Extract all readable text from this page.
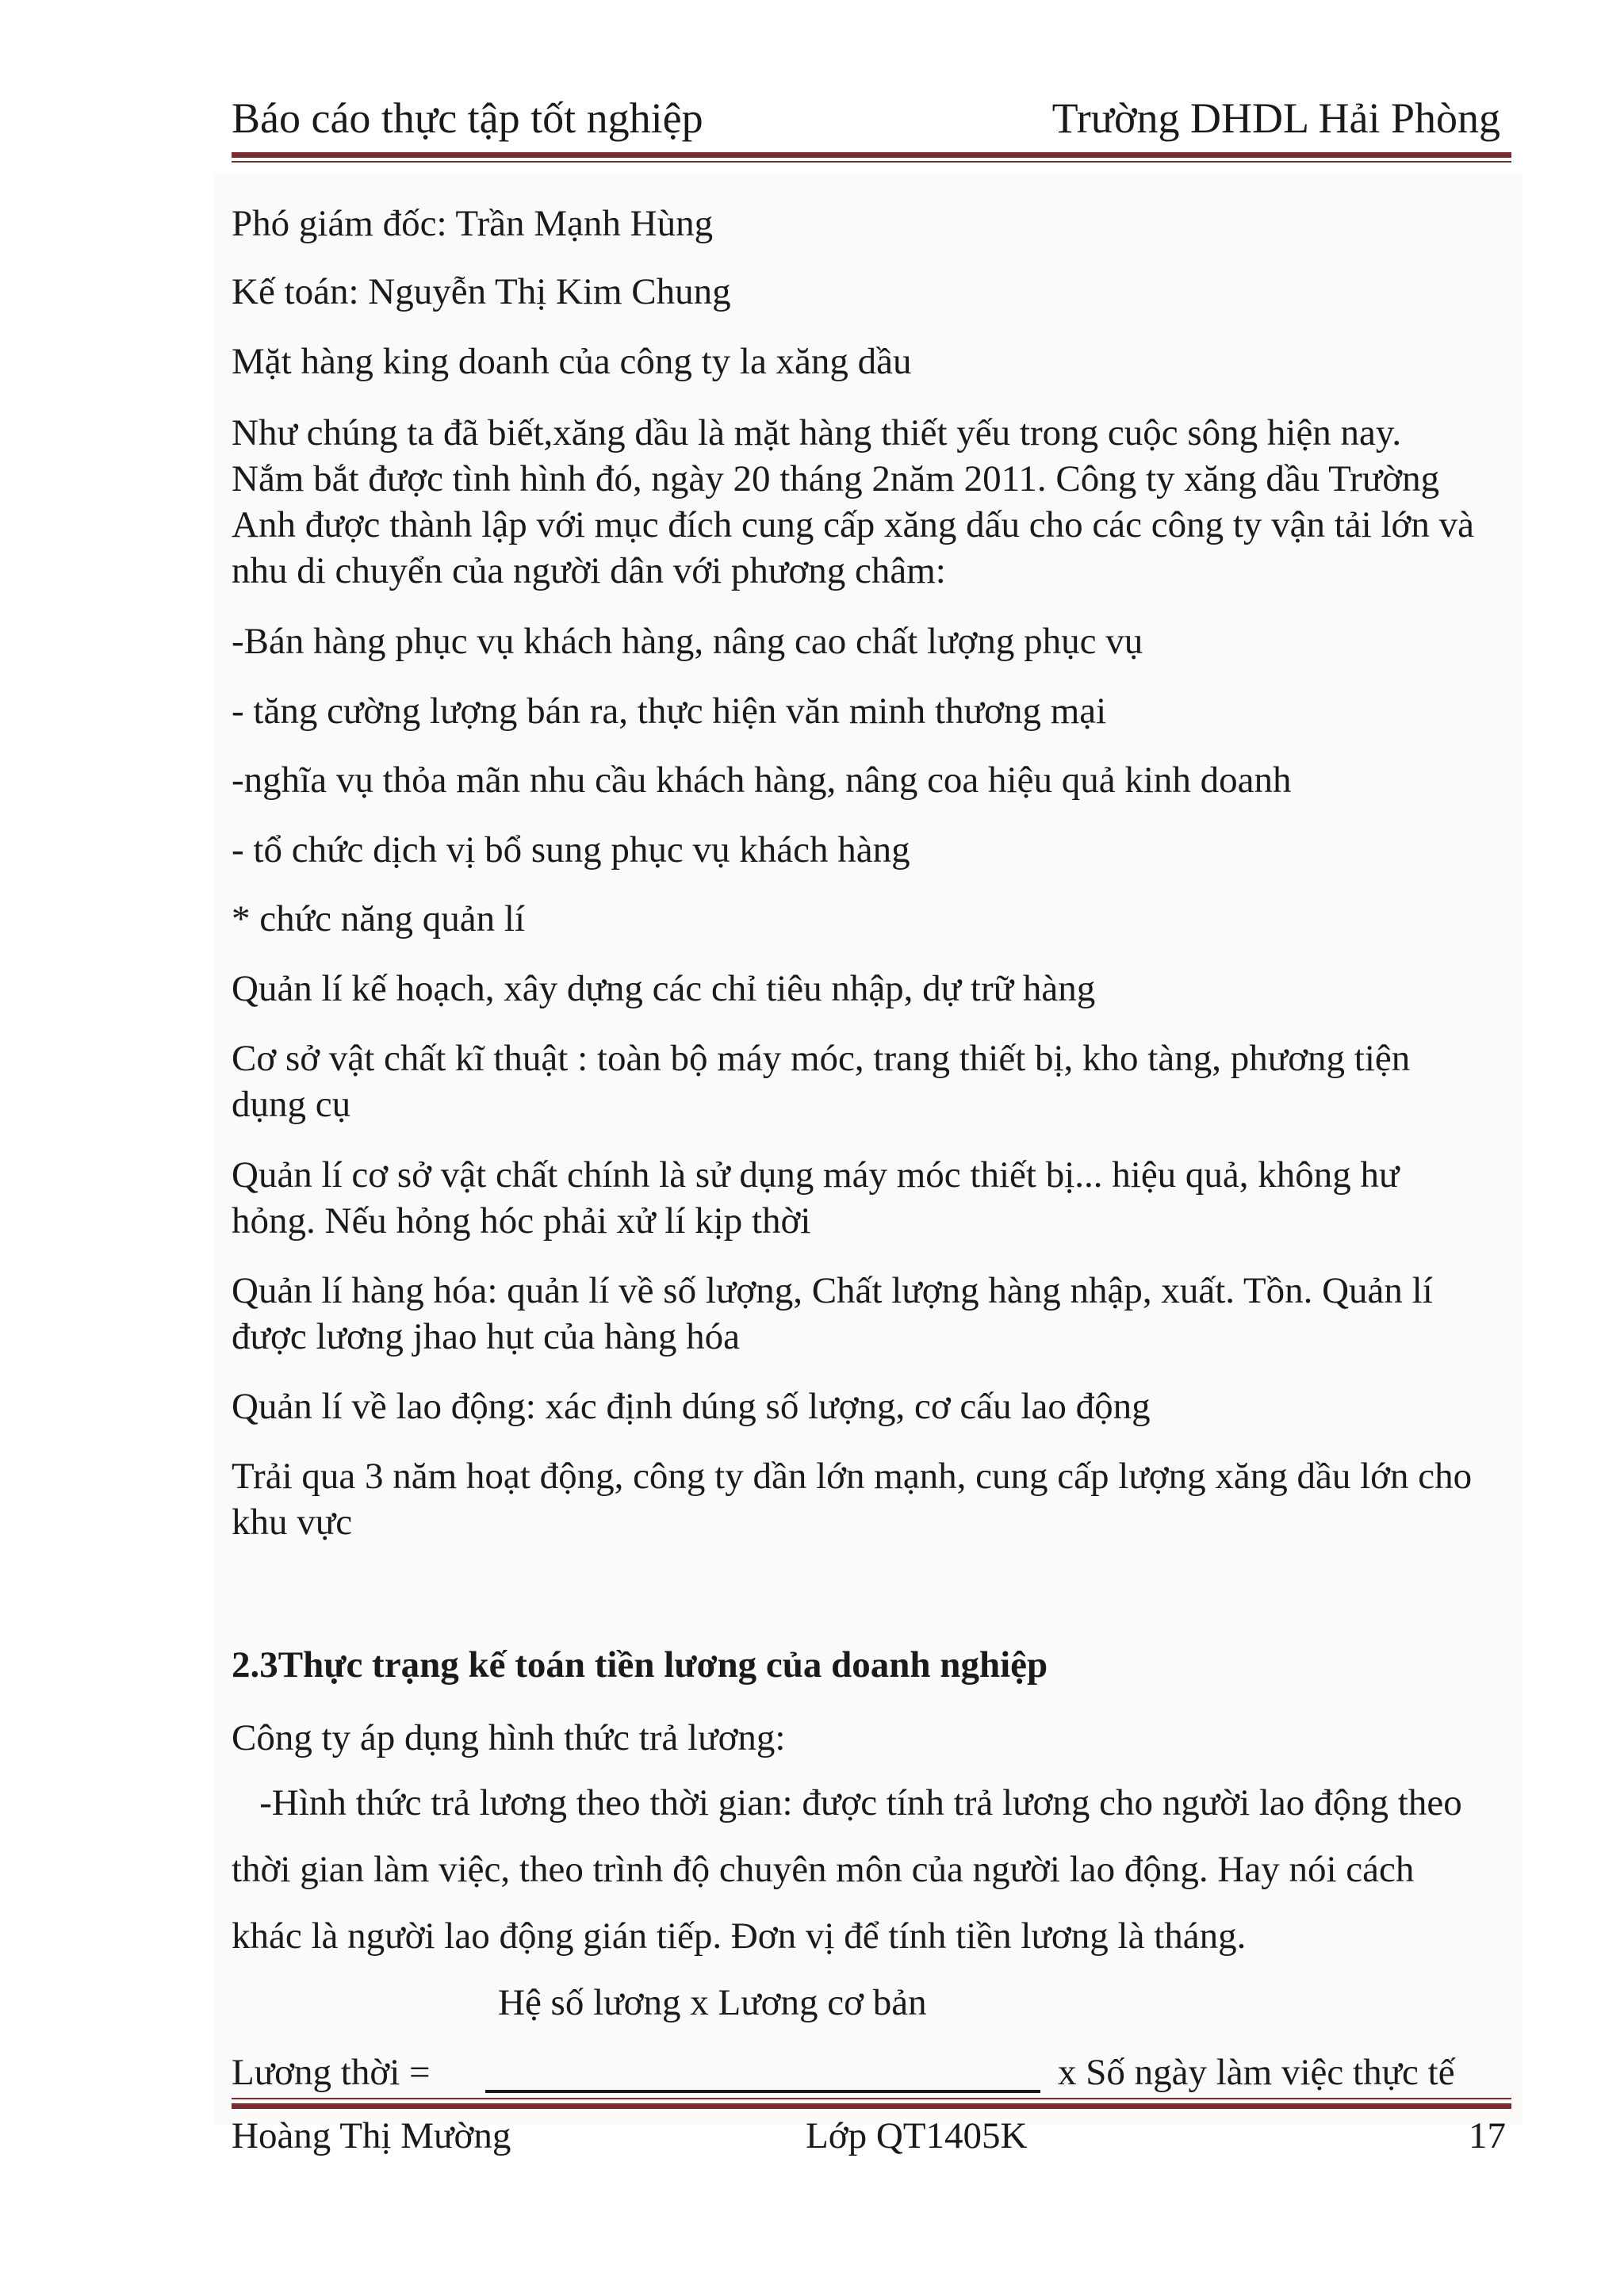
Báo cáo thực tập tốt nghiệp	Trường DHDL Hải Phòng
Phó giám đốc: Trần Mạnh Hùng
Kế toán: Nguyễn Thị Kim Chung
Mặt hàng king doanh của công ty la xăng dầu
Như chúng ta đã biết,xăng dầu là mặt hàng thiết yếu trong cuộc sông hiện nay.
Nắm bắt được tình hình đó, ngày 20 tháng 2năm 2011. Công ty xăng dầu Trường
Anh được thành lập với mục đích cung cấp xăng dấu cho các công ty vận tải lớn và
nhu di chuyển của người dân với phương châm:
-Bán hàng phục vụ khách hàng, nâng cao chất lượng phục vụ
- tăng cường lượng bán ra, thực hiện văn minh thương mại
-nghĩa vụ thỏa mãn nhu cầu khách hàng, nâng coa hiệu quả kinh doanh
- tổ chức dịch vị bổ sung phục vụ khách hàng
* chức năng quản lí
Quản lí kế hoạch, xây dựng các chỉ tiêu nhập, dự trữ hàng
Cơ sở vật chất kĩ thuật : toàn bộ máy móc, trang thiết bị, kho tàng, phương tiện
dụng cụ
Quản lí cơ sở vật chất chính là sử dụng máy móc thiết bị... hiệu quả, không hư
hỏng. Nếu hỏng hóc phải xử lí kịp thời
Quản lí hàng hóa: quản lí về số lượng, Chất lượng hàng nhập, xuất. Tồn. Quản lí
được lương jhao hụt của hàng hóa
Quản lí về lao động: xác định dúng số lượng, cơ cấu lao động
Trải qua 3 năm hoạt động, công ty dần lớn mạnh, cung cấp lượng xăng dầu lớn cho
khu vực
2.3Thực trạng kế toán tiền lương của doanh nghiệp
Công ty áp dụng hình thức trả lương:
-Hình thức trả lương theo thời gian: được tính trả lương cho người lao động theo
thời gian làm việc, theo trình độ chuyên môn của người lao động. Hay nói cách
khác là người lao động gián tiếp. Đơn vị để tính tiền lương là tháng.
Hệ số lương x Lương cơ bản
Lương thời =	x Số ngày làm việc thực tế
Hoàng Thị Mường	Lớp QT1405K	17
